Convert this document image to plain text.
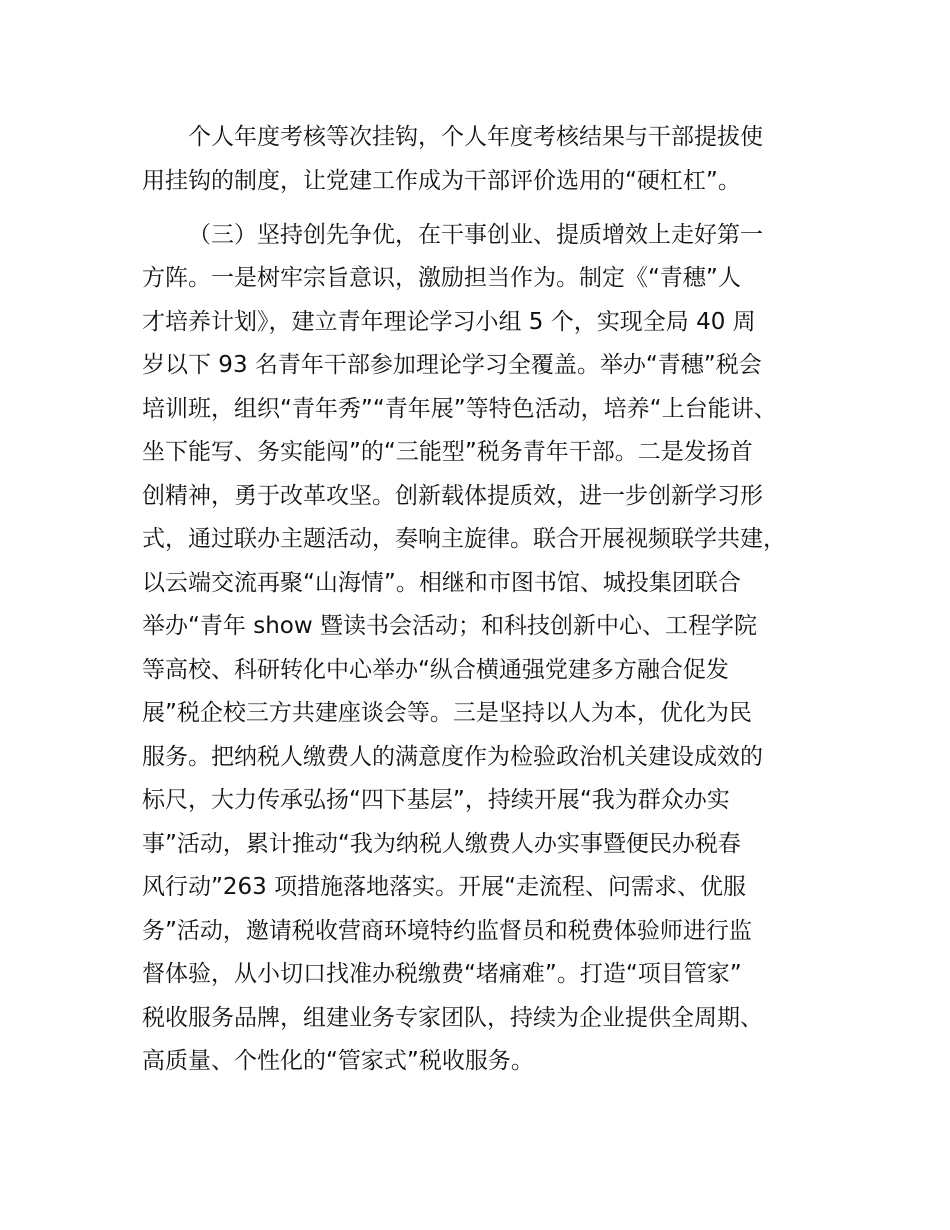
个人年度考核等次挂钩，个人年度考核结果与干部提拔使
用挂钩的制度，让党建工作成为干部评价选用的“硬杠杠”。
（三）坚持创先争优，在干事创业、提质增效上走好第一
方阵。一是树牢宗旨意识，激励担当作为。制定《“青穗”人
才培养计划》，建立青年理论学习小组 5 个，实现全局 40 周
岁以下 93 名青年干部参加理论学习全覆盖。举办“青穗”税会
培训班，组织“青年秀”“青年展”等特色活动，培养“上台能讲、
坐下能写、务实能闯”的“三能型”税务青年干部。二是发扬首
创精神，勇于改革攻坚。创新载体提质效，进一步创新学习形
式，通过联办主题活动，奏响主旋律。联合开展视频联学共建，
以云端交流再聚“山海情”。相继和市图书馆、城投集团联合
举办“青年 show 暨读书会活动；和科技创新中心、工程学院
等高校、科研转化中心举办“纵合横通强党建多方融合促发
展”税企校三方共建座谈会等。三是坚持以人为本，优化为民
服务。把纳税人缴费人的满意度作为检验政治机关建设成效的
标尺，大力传承弘扬“四下基层”，持续开展“我为群众办实
事”活动，累计推动“我为纳税人缴费人办实事暨便民办税春
风行动”263 项措施落地落实。开展“走流程、问需求、优服
务”活动，邀请税收营商环境特约监督员和税费体验师进行监
督体验，从小切口找准办税缴费“堵痛难”。打造“项目管家”
税收服务品牌，组建业务专家团队，持续为企业提供全周期、
高质量、个性化的“管家式”税收服务。
